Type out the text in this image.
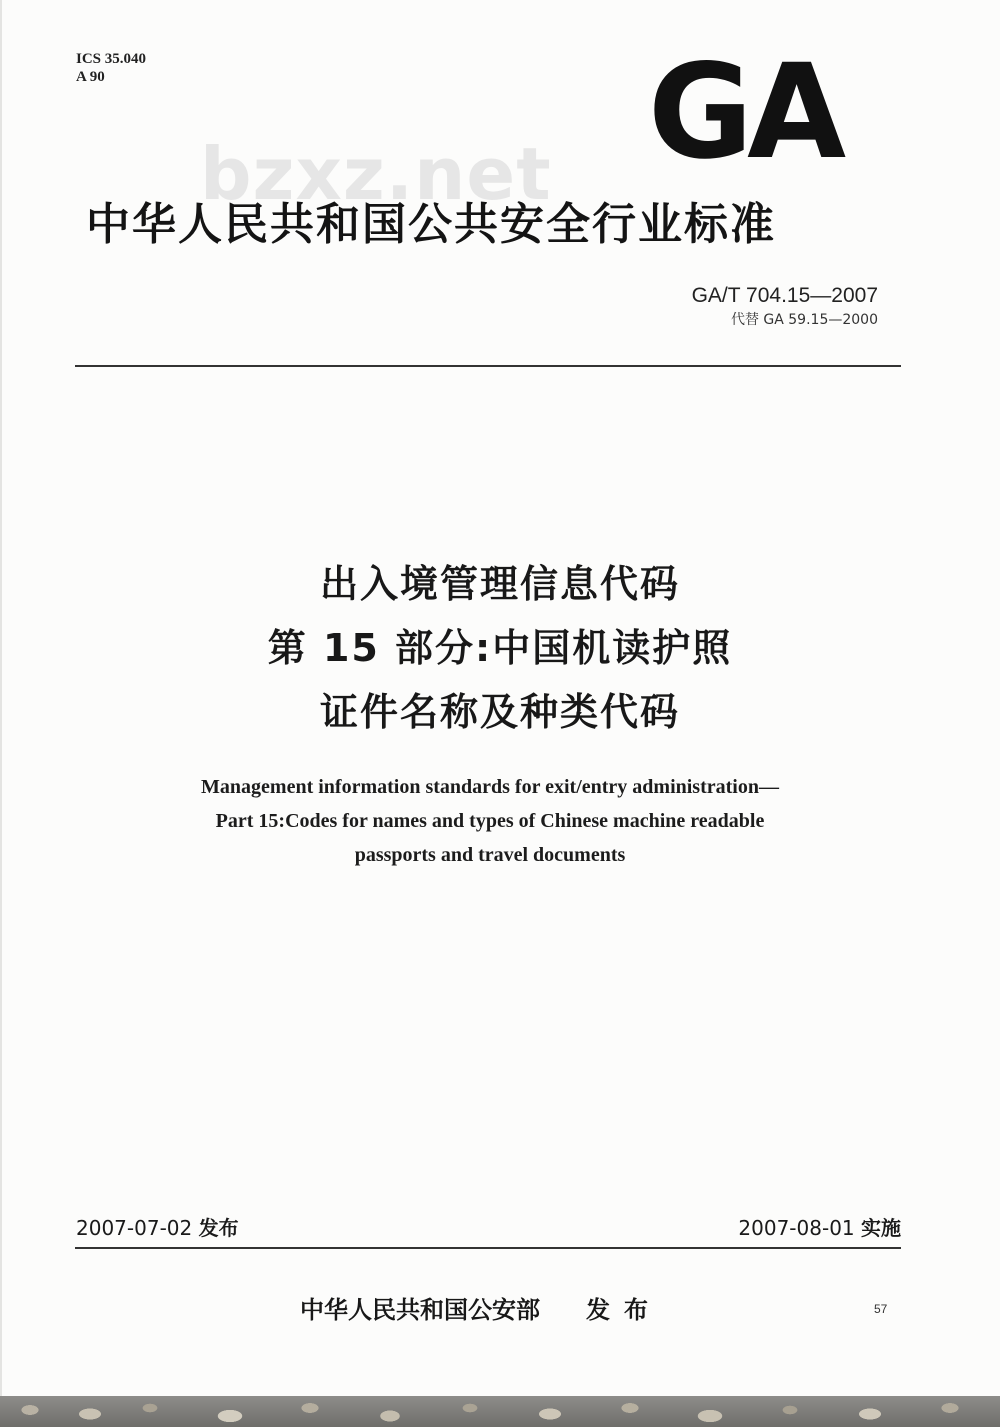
ICS 35.040
A 90	GA
bzxz.net
中华人民共和国公共安全行业标准
GA/T 704.15—2007
代替 GA 59.15—2000
出入境管理信息代码
第 15 部分:中国机读护照
证件名称及种类代码
Management information standards for exit/entry administration—
Part 15:Codes for names and types of Chinese machine readable
passports and travel documents
2007-07-02 发布	2007-08-01 实施
中华人民共和国公安部 发布	57
